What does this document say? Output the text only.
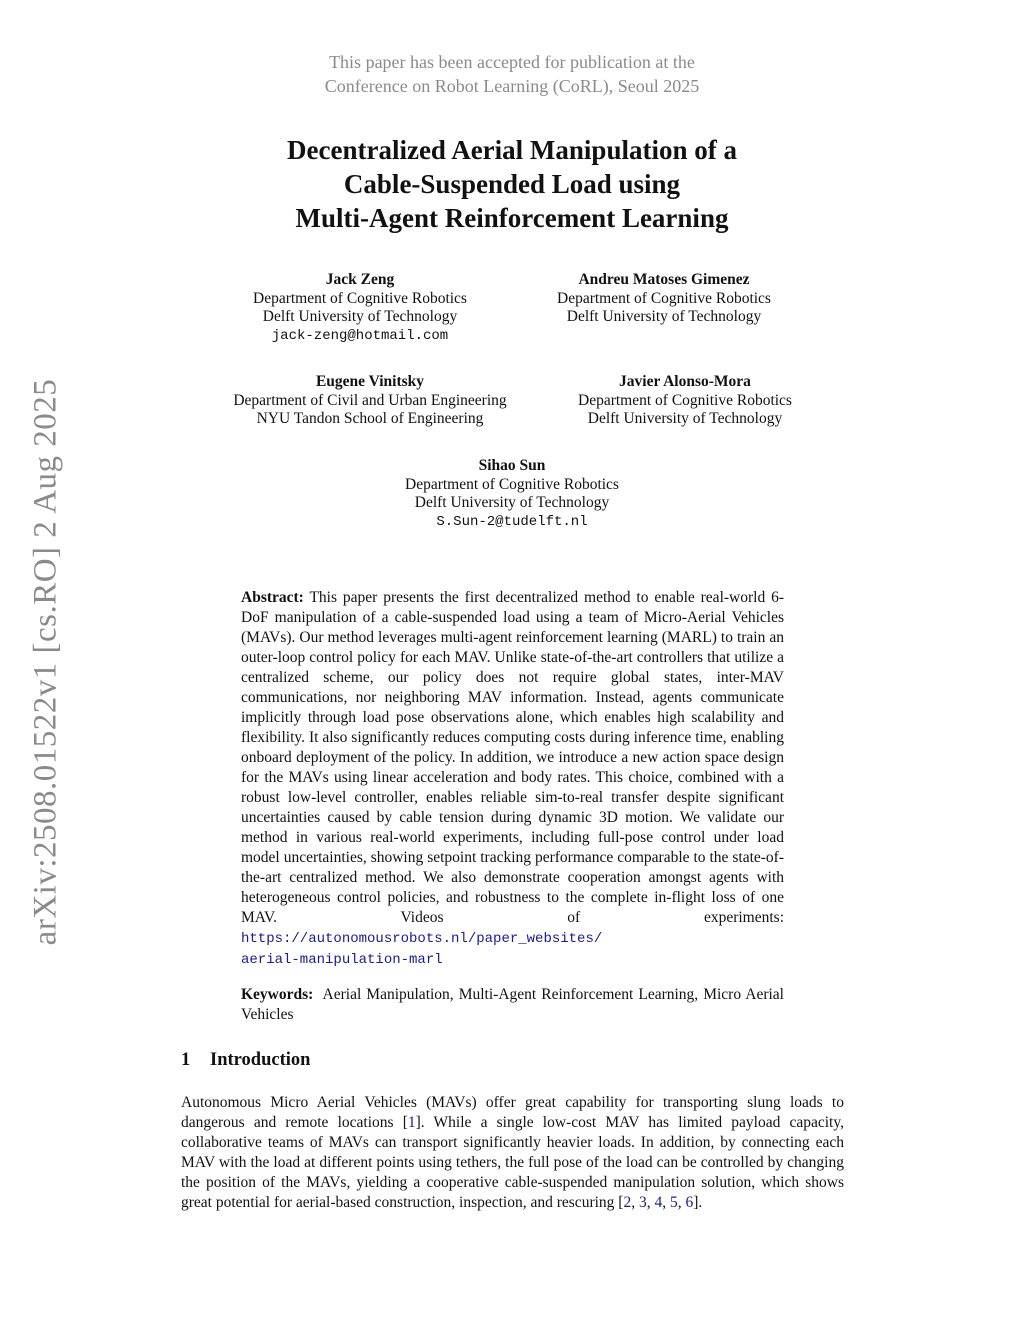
This paper has been accepted for publication at the
Conference on Robot Learning (CoRL), Seoul 2025
Decentralized Aerial Manipulation of a
Cable-Suspended Load using
Multi-Agent Reinforcement Learning
arXiv:2508.01522v1 [cs.RO] 2 Aug 2025
Jack Zeng
Department of Cognitive Robotics
Delft University of Technology
jack-zeng@hotmail.com
Andreu Matoses Gimenez
Department of Cognitive Robotics
Delft University of Technology
Eugene Vinitsky
Department of Civil and Urban Engineering
NYU Tandon School of Engineering
Javier Alonso-Mora
Department of Cognitive Robotics
Delft University of Technology
Sihao Sun
Department of Cognitive Robotics
Delft University of Technology
S.Sun-2@tudelft.nl
Abstract: This paper presents the first decentralized method to enable real-world 6-DoF manipulation of a cable-suspended load using a team of Micro-Aerial Vehicles (MAVs). Our method leverages multi-agent reinforcement learning (MARL) to train an outer-loop control policy for each MAV. Unlike state-of-the-art controllers that utilize a centralized scheme, our policy does not require global states, inter-MAV communications, nor neighboring MAV information. Instead, agents communicate implicitly through load pose observations alone, which enables high scalability and flexibility. It also significantly reduces computing costs during inference time, enabling onboard deployment of the policy. In addition, we introduce a new action space design for the MAVs using linear acceleration and body rates. This choice, combined with a robust low-level controller, enables reliable sim-to-real transfer despite significant uncertainties caused by cable tension during dynamic 3D motion. We validate our method in various real-world experiments, including full-pose control under load model uncertainties, showing setpoint tracking performance comparable to the state-of-the-art centralized method. We also demonstrate cooperation amongst agents with heterogeneous control policies, and robustness to the complete in-flight loss of one MAV. Videos of experiments: https://autonomousrobots.nl/paper_websites/
aerial-manipulation-marl
Keywords: Aerial Manipulation, Multi-Agent Reinforcement Learning, Micro Aerial Vehicles
1 Introduction
Autonomous Micro Aerial Vehicles (MAVs) offer great capability for transporting slung loads to dangerous and remote locations [1]. While a single low-cost MAV has limited payload capacity, collaborative teams of MAVs can transport significantly heavier loads. In addition, by connecting each MAV with the load at different points using tethers, the full pose of the load can be controlled by changing the position of the MAVs, yielding a cooperative cable-suspended manipulation solution, which shows great potential for aerial-based construction, inspection, and rescuring [2, 3, 4, 5, 6].
